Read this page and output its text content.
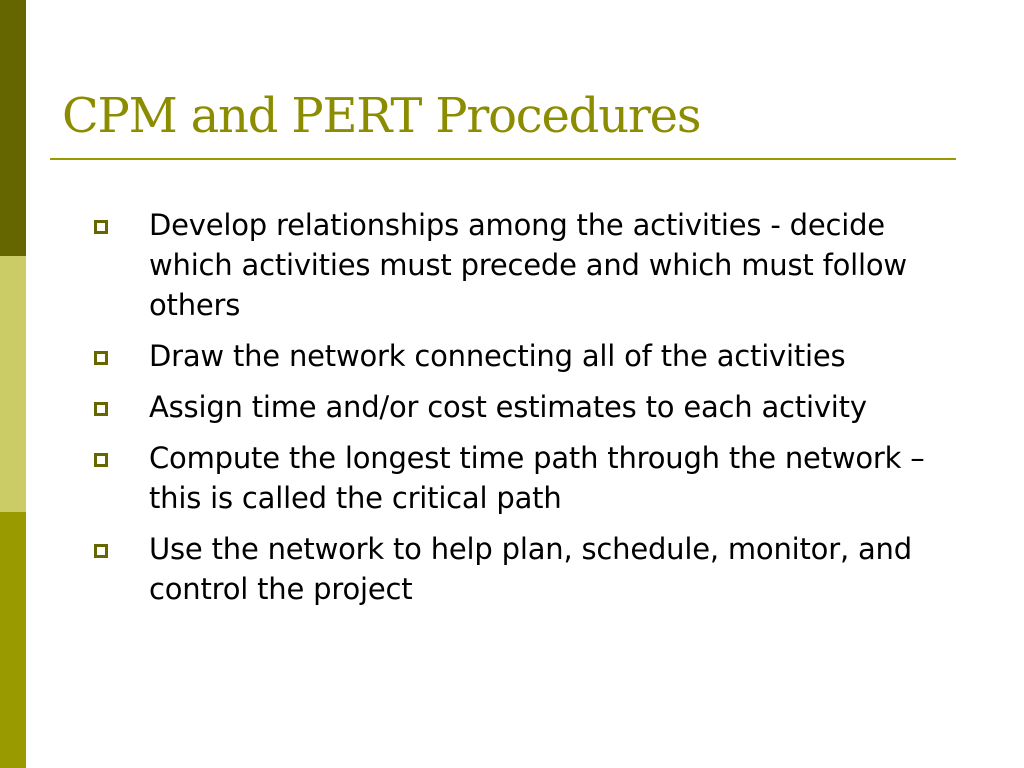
CPM and PERT Procedures
Develop relationships among the activities - decide which activities must precede and which must follow others
Draw the network connecting all of the activities
Assign time and/or cost estimates to each activity
Compute the longest time path through the network – this is called the critical path
Use the network to help plan, schedule, monitor, and control the project
